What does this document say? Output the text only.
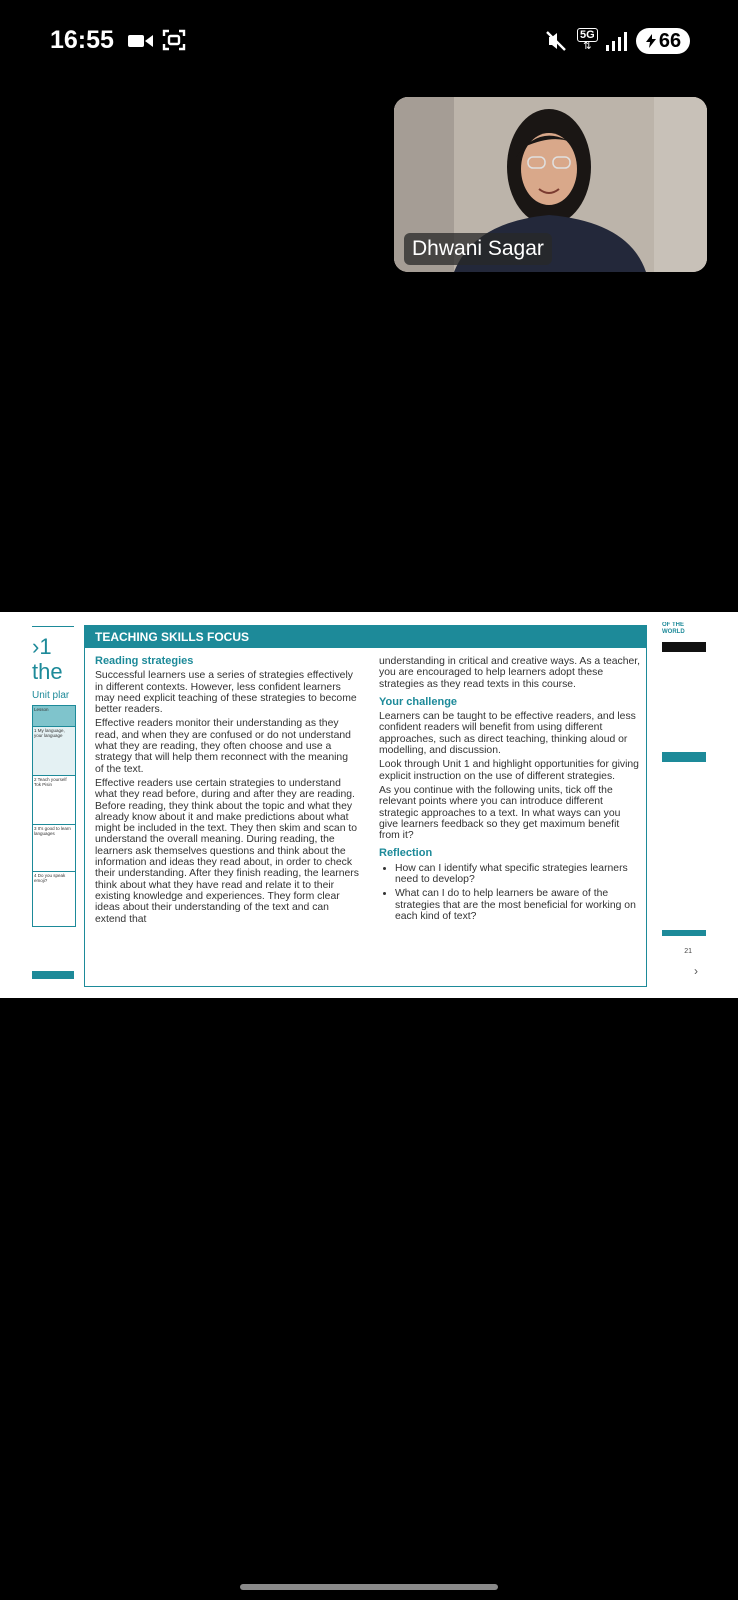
16:55	5G
⇅	66
Dhwani Sagar
›1
the
Unit plar
Lesson
1 My language, your language
2 Teach yourself Tok Pisin
3 It's good to learn languages
4 Do you speak emoji?
TEACHING SKILLS FOCUS
Reading strategies

Successful learners use a series of strategies effectively in different contexts. However, less confident learners may need explicit teaching of these strategies to become better readers.

Effective readers monitor their understanding as they read, and when they are confused or do not understand what they are reading, they often choose and use a strategy that will help them reconnect with the meaning of the text.

Effective readers use certain strategies to understand what they read before, during and after they are reading. Before reading, they think about the topic and what they already know about it and make predictions about what might be included in the text. They then skim and scan to understand the overall meaning. During reading, the learners ask themselves questions and think about the information and ideas they read about, in order to check their understanding. After they finish reading, the learners think about what they have read and relate it to their existing knowledge and experiences. They form clear ideas about their understanding of the text and can extend that

understanding in critical and creative ways. As a teacher, you are encouraged to help learners adopt these strategies as they read texts in this course.

Your challenge

Learners can be taught to be effective readers, and less confident readers will benefit from using different approaches, such as direct teaching, thinking aloud or modelling, and discussion.

Look through Unit 1 and highlight opportunities for giving explicit instruction on the use of different strategies.

As you continue with the following units, tick off the relevant points where you can introduce different strategic approaches to a text. In what ways can you give learners feedback so they get maximum benefit from it?

Reflection
• How can I identify what specific strategies learners need to develop?
• What can I do to help learners be aware of the strategies that are the most beneficial for working on each kind of text?
OF THE WORLD
21
›
